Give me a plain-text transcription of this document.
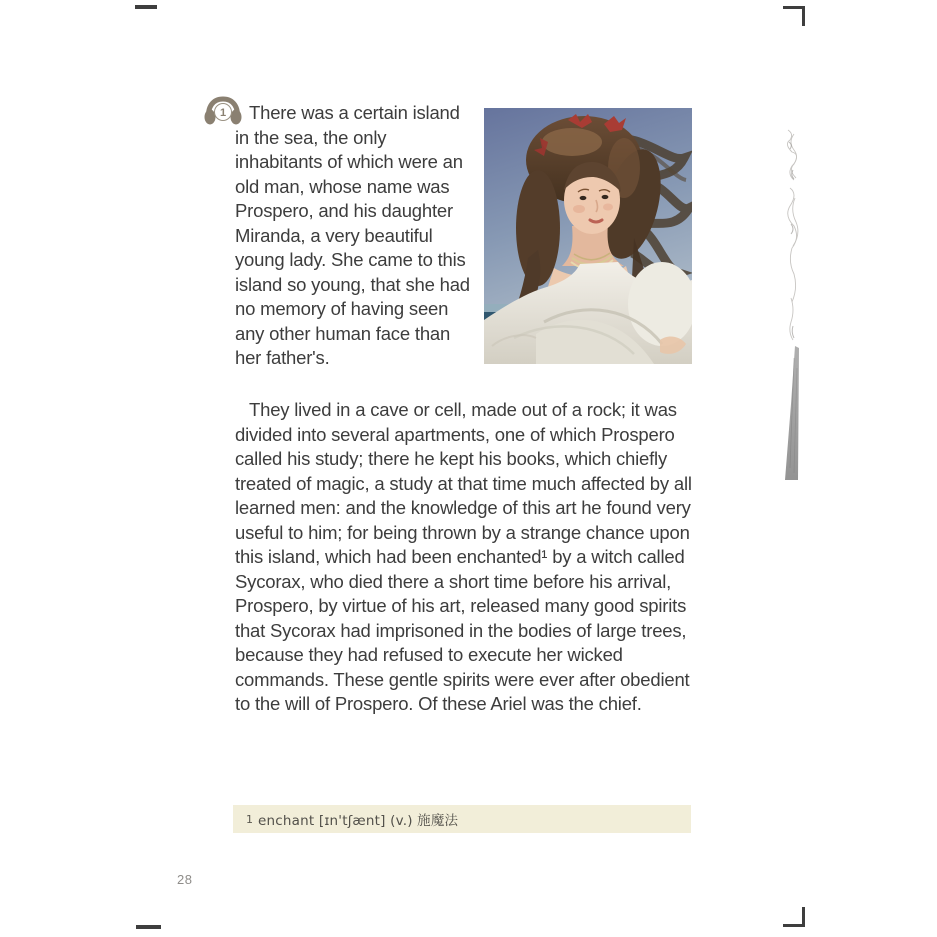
1	There was a certain island in the sea, the only inhabitants of which were an old man, whose name was Prospero, and his daughter Miranda, a very beautiful young lady. She came to this island so young, that she had no memory of having seen any other human face than her father's.
They lived in a cave or cell, made out of a rock; it was divided into several apartments, one of which Prospero called his study; there he kept his books, which chiefly treated of magic, a study at that time much affected by all learned men: and the knowledge of this art he found very useful to him; for being thrown by a strange chance upon this island, which had been enchanted¹ by a witch called Sycorax, who died there a short time before his arrival, Prospero, by virtue of his art, released many good spirits that Sycorax had imprisoned in the bodies of large trees, because they had refused to execute her wicked commands. These gentle spirits were ever after obedient to the will of Prospero. Of these Ariel was the chief.
1 enchant [ɪn'tʃænt] (v.) 施魔法
28
